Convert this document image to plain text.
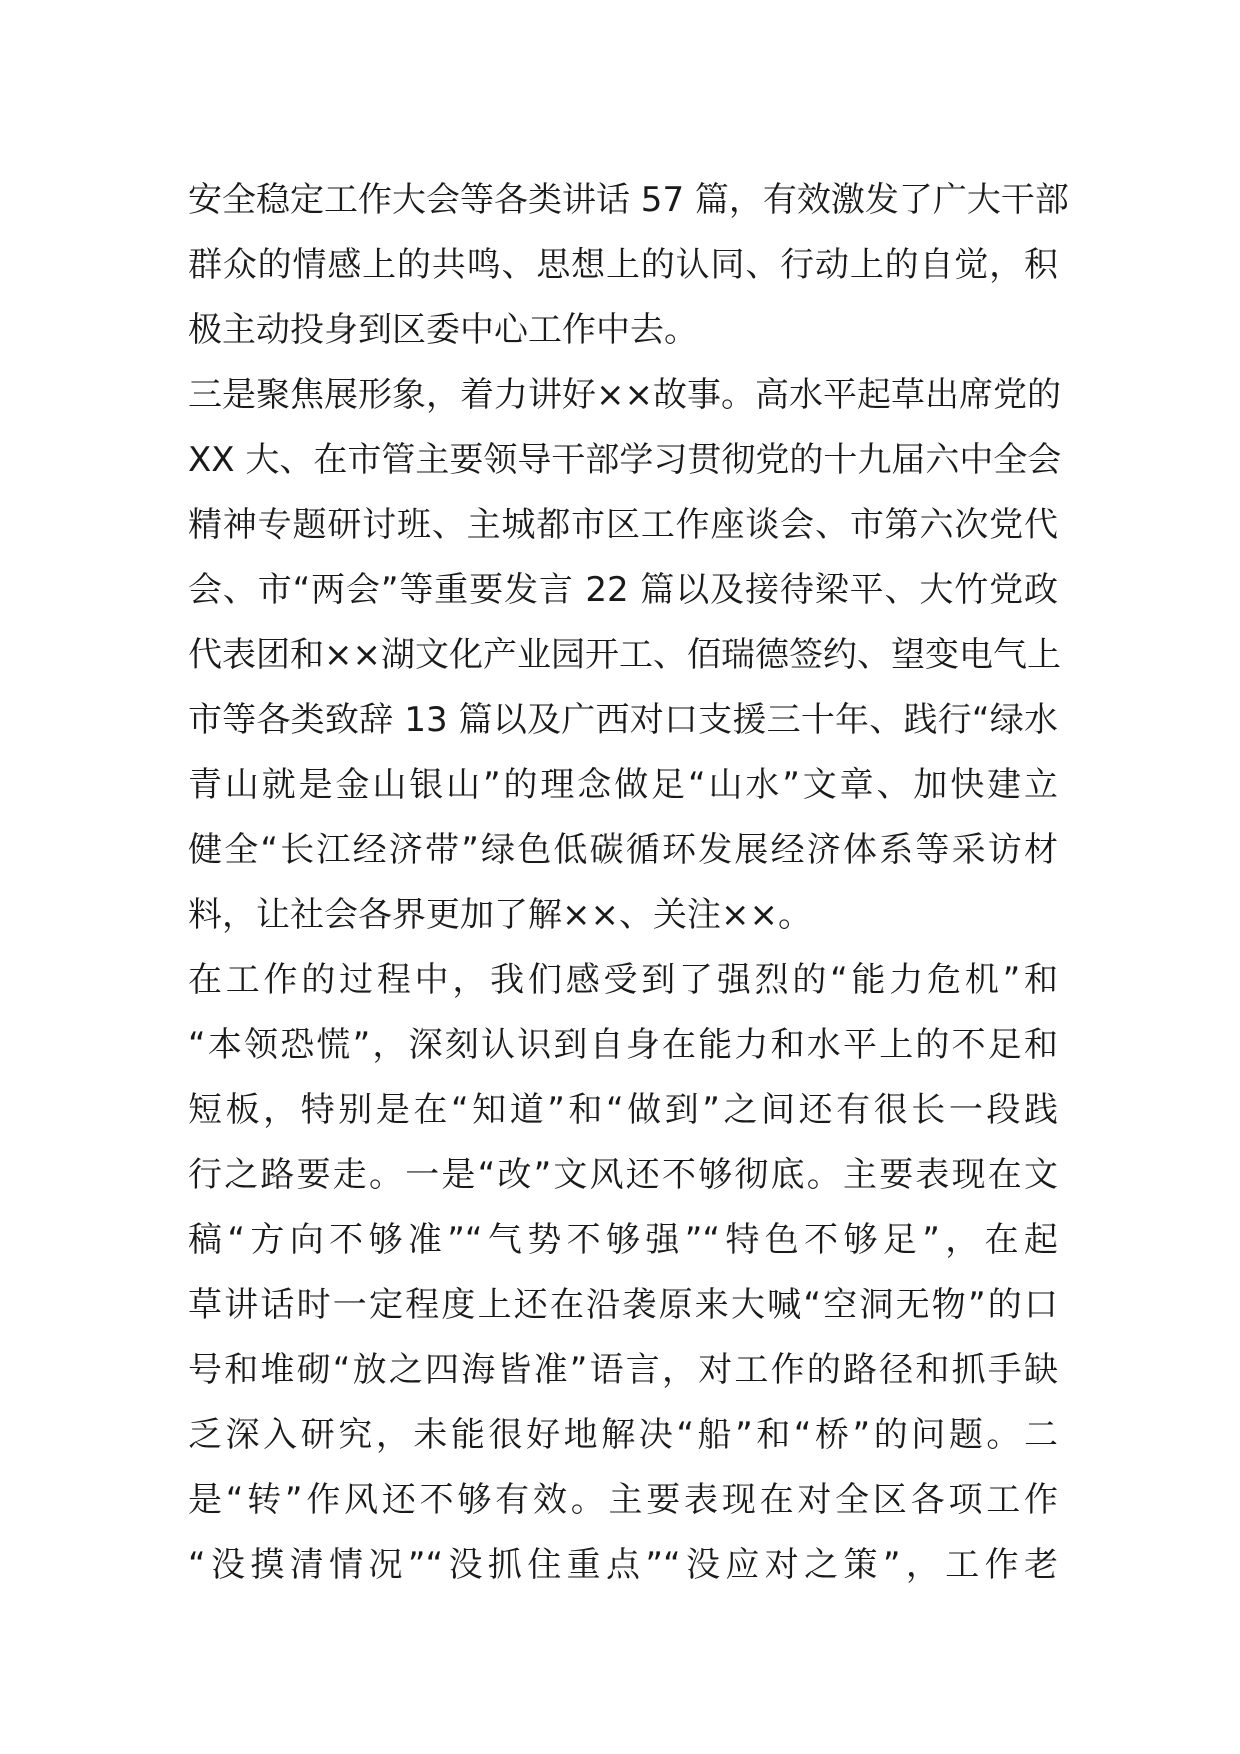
安全稳定工作大会等各类讲话 57 篇，有效激发了广大干部
群众的情感上的共鸣、思想上的认同、行动上的自觉，积
极主动投身到区委中心工作中去。
三是聚焦展形象，着力讲好××故事。高水平起草出席党的
XX 大、在市管主要领导干部学习贯彻党的十九届六中全会
精神专题研讨班、主城都市区工作座谈会、市第六次党代
会、市“两会”等重要发言 22 篇以及接待梁平、大竹党政
代表团和××湖文化产业园开工、佰瑞德签约、望变电气上
市等各类致辞 13 篇以及广西对口支援三十年、践行“绿水
青山就是金山银山”的理念做足“山水”文章、加快建立
健全“长江经济带”绿色低碳循环发展经济体系等采访材
料，让社会各界更加了解××、关注××。
在工作的过程中，我们感受到了强烈的“能力危机”和
“本领恐慌”，深刻认识到自身在能力和水平上的不足和
短板，特别是在“知道”和“做到”之间还有很长一段践
行之路要走。一是“改”文风还不够彻底。主要表现在文
稿“方向不够准”“气势不够强”“特色不够足”，在起
草讲话时一定程度上还在沿袭原来大喊“空洞无物”的口
号和堆砌“放之四海皆准”语言，对工作的路径和抓手缺
乏深入研究，未能很好地解决“船”和“桥”的问题。二
是“转”作风还不够有效。主要表现在对全区各项工作
“没摸清情况”“没抓住重点”“没应对之策”，工作老
